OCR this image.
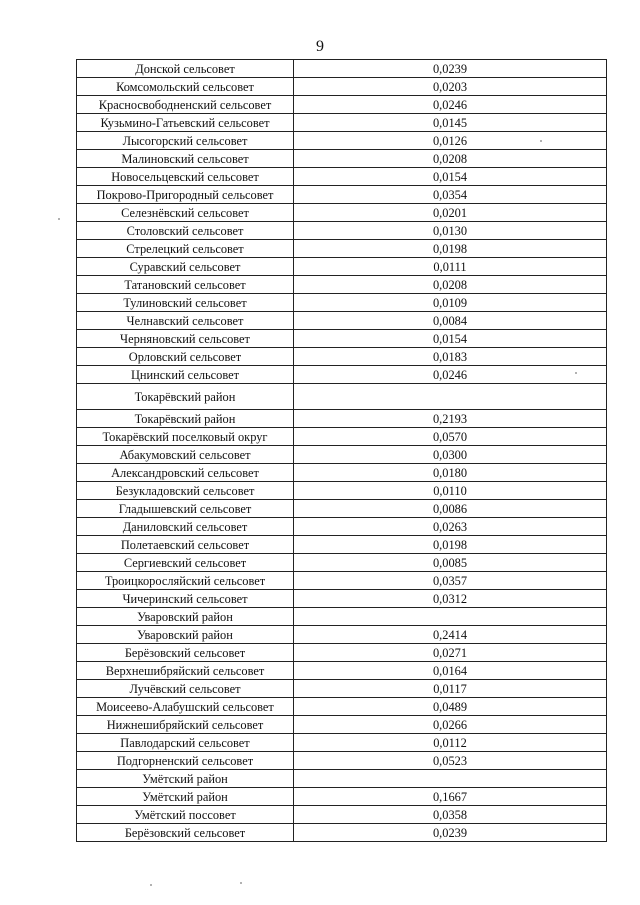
9
Донской сельсовет	0,0239
Комсомольский сельсовет	0,0203
Красносвободненский сельсовет	0,0246
Кузьмино-Гатьевский сельсовет	0,0145
Лысогорский сельсовет	0,0126
Малиновский сельсовет	0,0208
Новосельцевский сельсовет	0,0154
Покрово-Пригородный сельсовет	0,0354
Селезнёвский сельсовет	0,0201
Столовский сельсовет	0,0130
Стрелецкий сельсовет	0,0198
Суравский сельсовет	0,0111
Татановский сельсовет	0,0208
Тулиновский сельсовет	0,0109
Челнавский сельсовет	0,0084
Черняновский сельсовет	0,0154
Орловский сельсовет	0,0183
Цнинский сельсовет	0,0246
Токарёвский район	
Токарёвский район	0,2193
Токарёвский поселковый округ	0,0570
Абакумовский сельсовет	0,0300
Александровский сельсовет	0,0180
Безукладовский сельсовет	0,0110
Гладышевский сельсовет	0,0086
Даниловский сельсовет	0,0263
Полетаевский сельсовет	0,0198
Сергиевский сельсовет	0,0085
Троицкоросляйский сельсовет	0,0357
Чичеринский сельсовет	0,0312
Уваровский район	
Уваровский район	0,2414
Берёзовский сельсовет	0,0271
Верхнешибряйский сельсовет	0,0164
Лучёвский сельсовет	0,0117
Моисеево-Алабушский сельсовет	0,0489
Нижнешибряйский сельсовет	0,0266
Павлодарский сельсовет	0,0112
Подгорненский сельсовет	0,0523
Умётский район	
Умётский район	0,1667
Умётский поссовет	0,0358
Берёзовский сельсовет	0,0239
